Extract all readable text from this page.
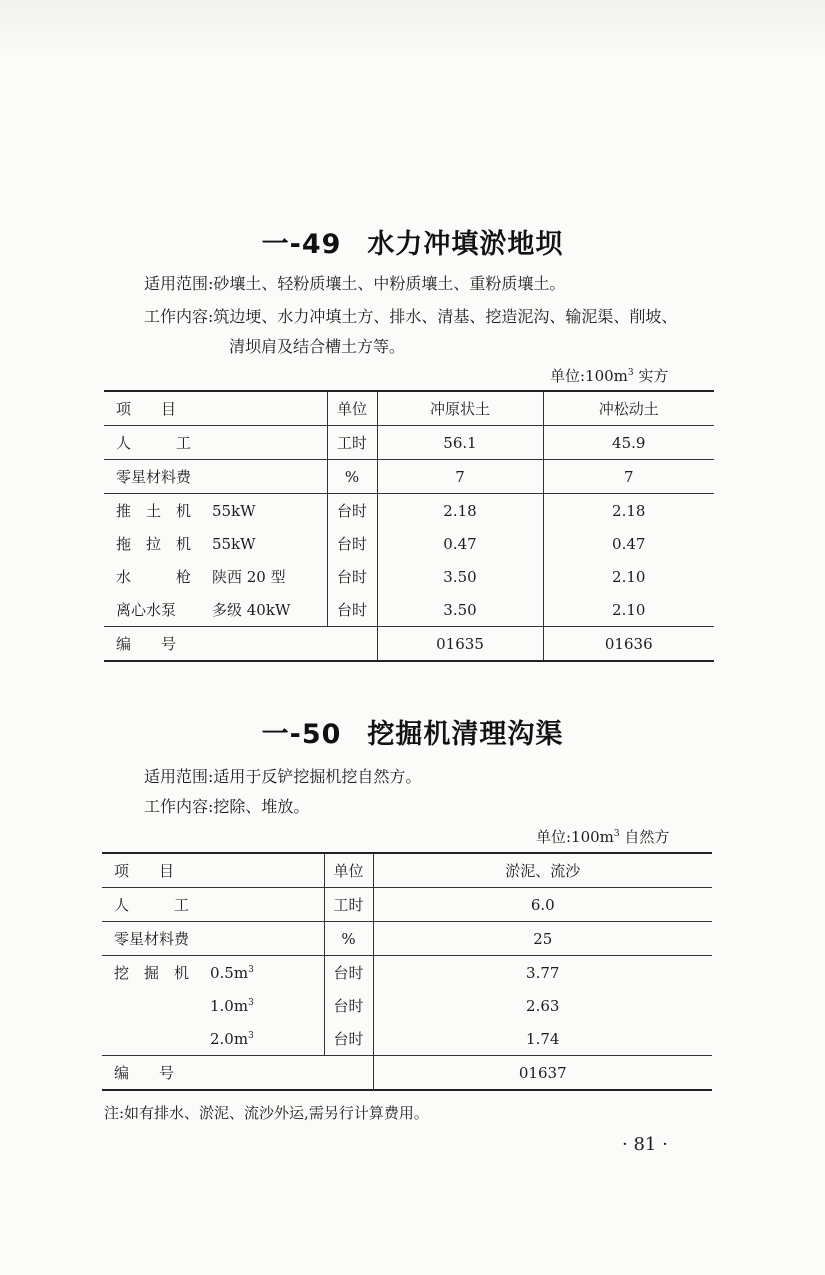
一-49 水力冲填淤地坝
适用范围:砂壤土、轻粉质壤土、中粉质壤土、重粉质壤土。
工作内容:筑边埂、水力冲填土方、排水、清基、挖造泥沟、输泥渠、削坡、
清坝肩及结合槽土方等。
单位$:100m^3$ 实方
项　　目	单位	冲原状土	冲松动土
人　　　工	工时	56.1	45.9
零星材料费	%	7	7
推　土　机 55kW	台时	2.18	2.18
拖　拉　机 55kW	台时	0.47	0.47
水　　　枪 陕西 20 型	台时	3.50	2.10
离心水泵 多级 40kW	台时	3.50	2.10
编　　号		01635	01636
一-50 挖掘机清理沟渠
适用范围:适用于反铲挖掘机挖自然方。
工作内容:挖除、堆放。
单位$:100m^3$ 自然方
项　　目	单位	淤泥、流沙
人　　　工	工时	6.0
零星材料费	%	25
挖　掘　机 $0.5m^3$	台时	3.77
$1.0m^3$	台时	2.63
$2.0m^3$	台时	1.74
编　　号		01637
注:如有排水、淤泥、流沙外运,需另行计算费用。
· 81 ·
